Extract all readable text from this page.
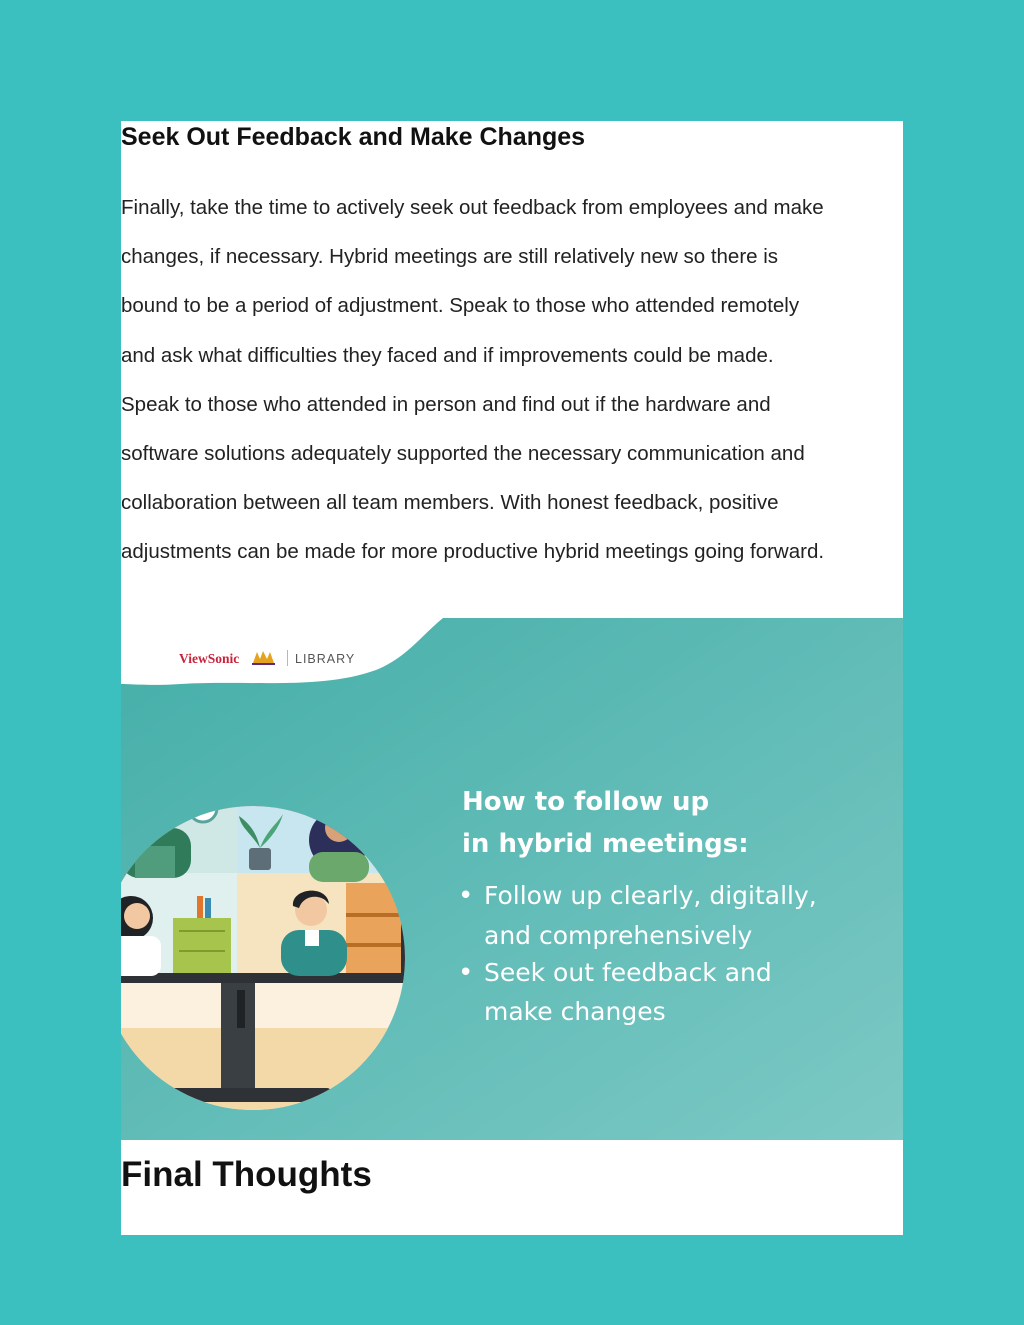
Seek Out Feedback and Make Changes

Finally, take the time to actively seek out feedback from employees and make
changes, if necessary. Hybrid meetings are still relatively new so there is
bound to be a period of adjustment. Speak to those who attended remotely
and ask what difficulties they faced and if improvements could be made.
Speak to those who attended in person and find out if the hardware and
software solutions adequately supported the necessary communication and
collaboration between all team members. With honest feedback, positive
adjustments can be made for more productive hybrid meetings going forward.

ViewSonic	LIBRARY
How to follow up
in hybrid meetings:
• Follow up clearly, digitally,
and comprehensively
• Seek out feedback and
make changes
Final Thoughts
